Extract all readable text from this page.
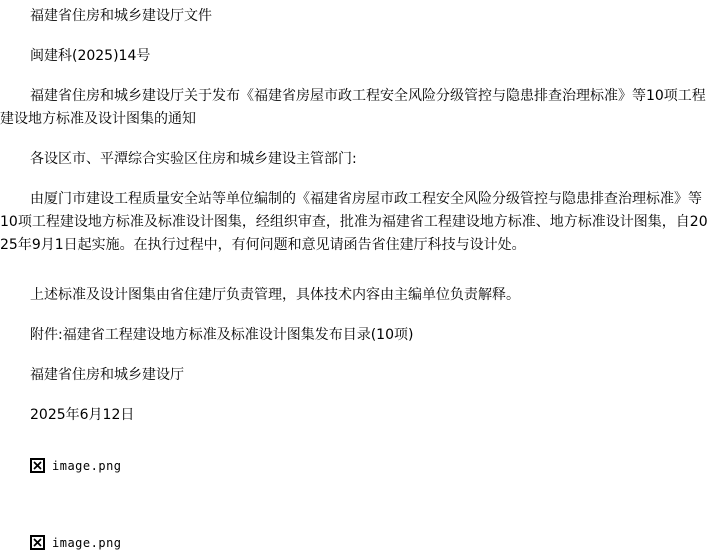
福建省住房和城乡建设厅文件

闽建科(2025)14号

福建省住房和城乡建设厅关于发布《福建省房屋市政工程安全风险分级管控与隐患排查治理标准》等10项工程建设地方标准及设计图集的通知

各设区市、平潭综合实验区住房和城乡建设主管部门:

由厦门市建设工程质量安全站等单位编制的《福建省房屋市政工程安全风险分级管控与隐患排查治理标准》等10项工程建设地方标准及标准设计图集，经组织审查，批准为福建省工程建设地方标准、地方标准设计图集，自2025年9月1日起实施。在执行过程中，有何问题和意见请函告省住建厅科技与设计处。

上述标准及设计图集由省住建厅负责管理，具体技术内容由主编单位负责解释。

附件:福建省工程建设地方标准及标准设计图集发布目录(10项)

福建省住房和城乡建设厅

2025年6月12日

image.png

image.png
